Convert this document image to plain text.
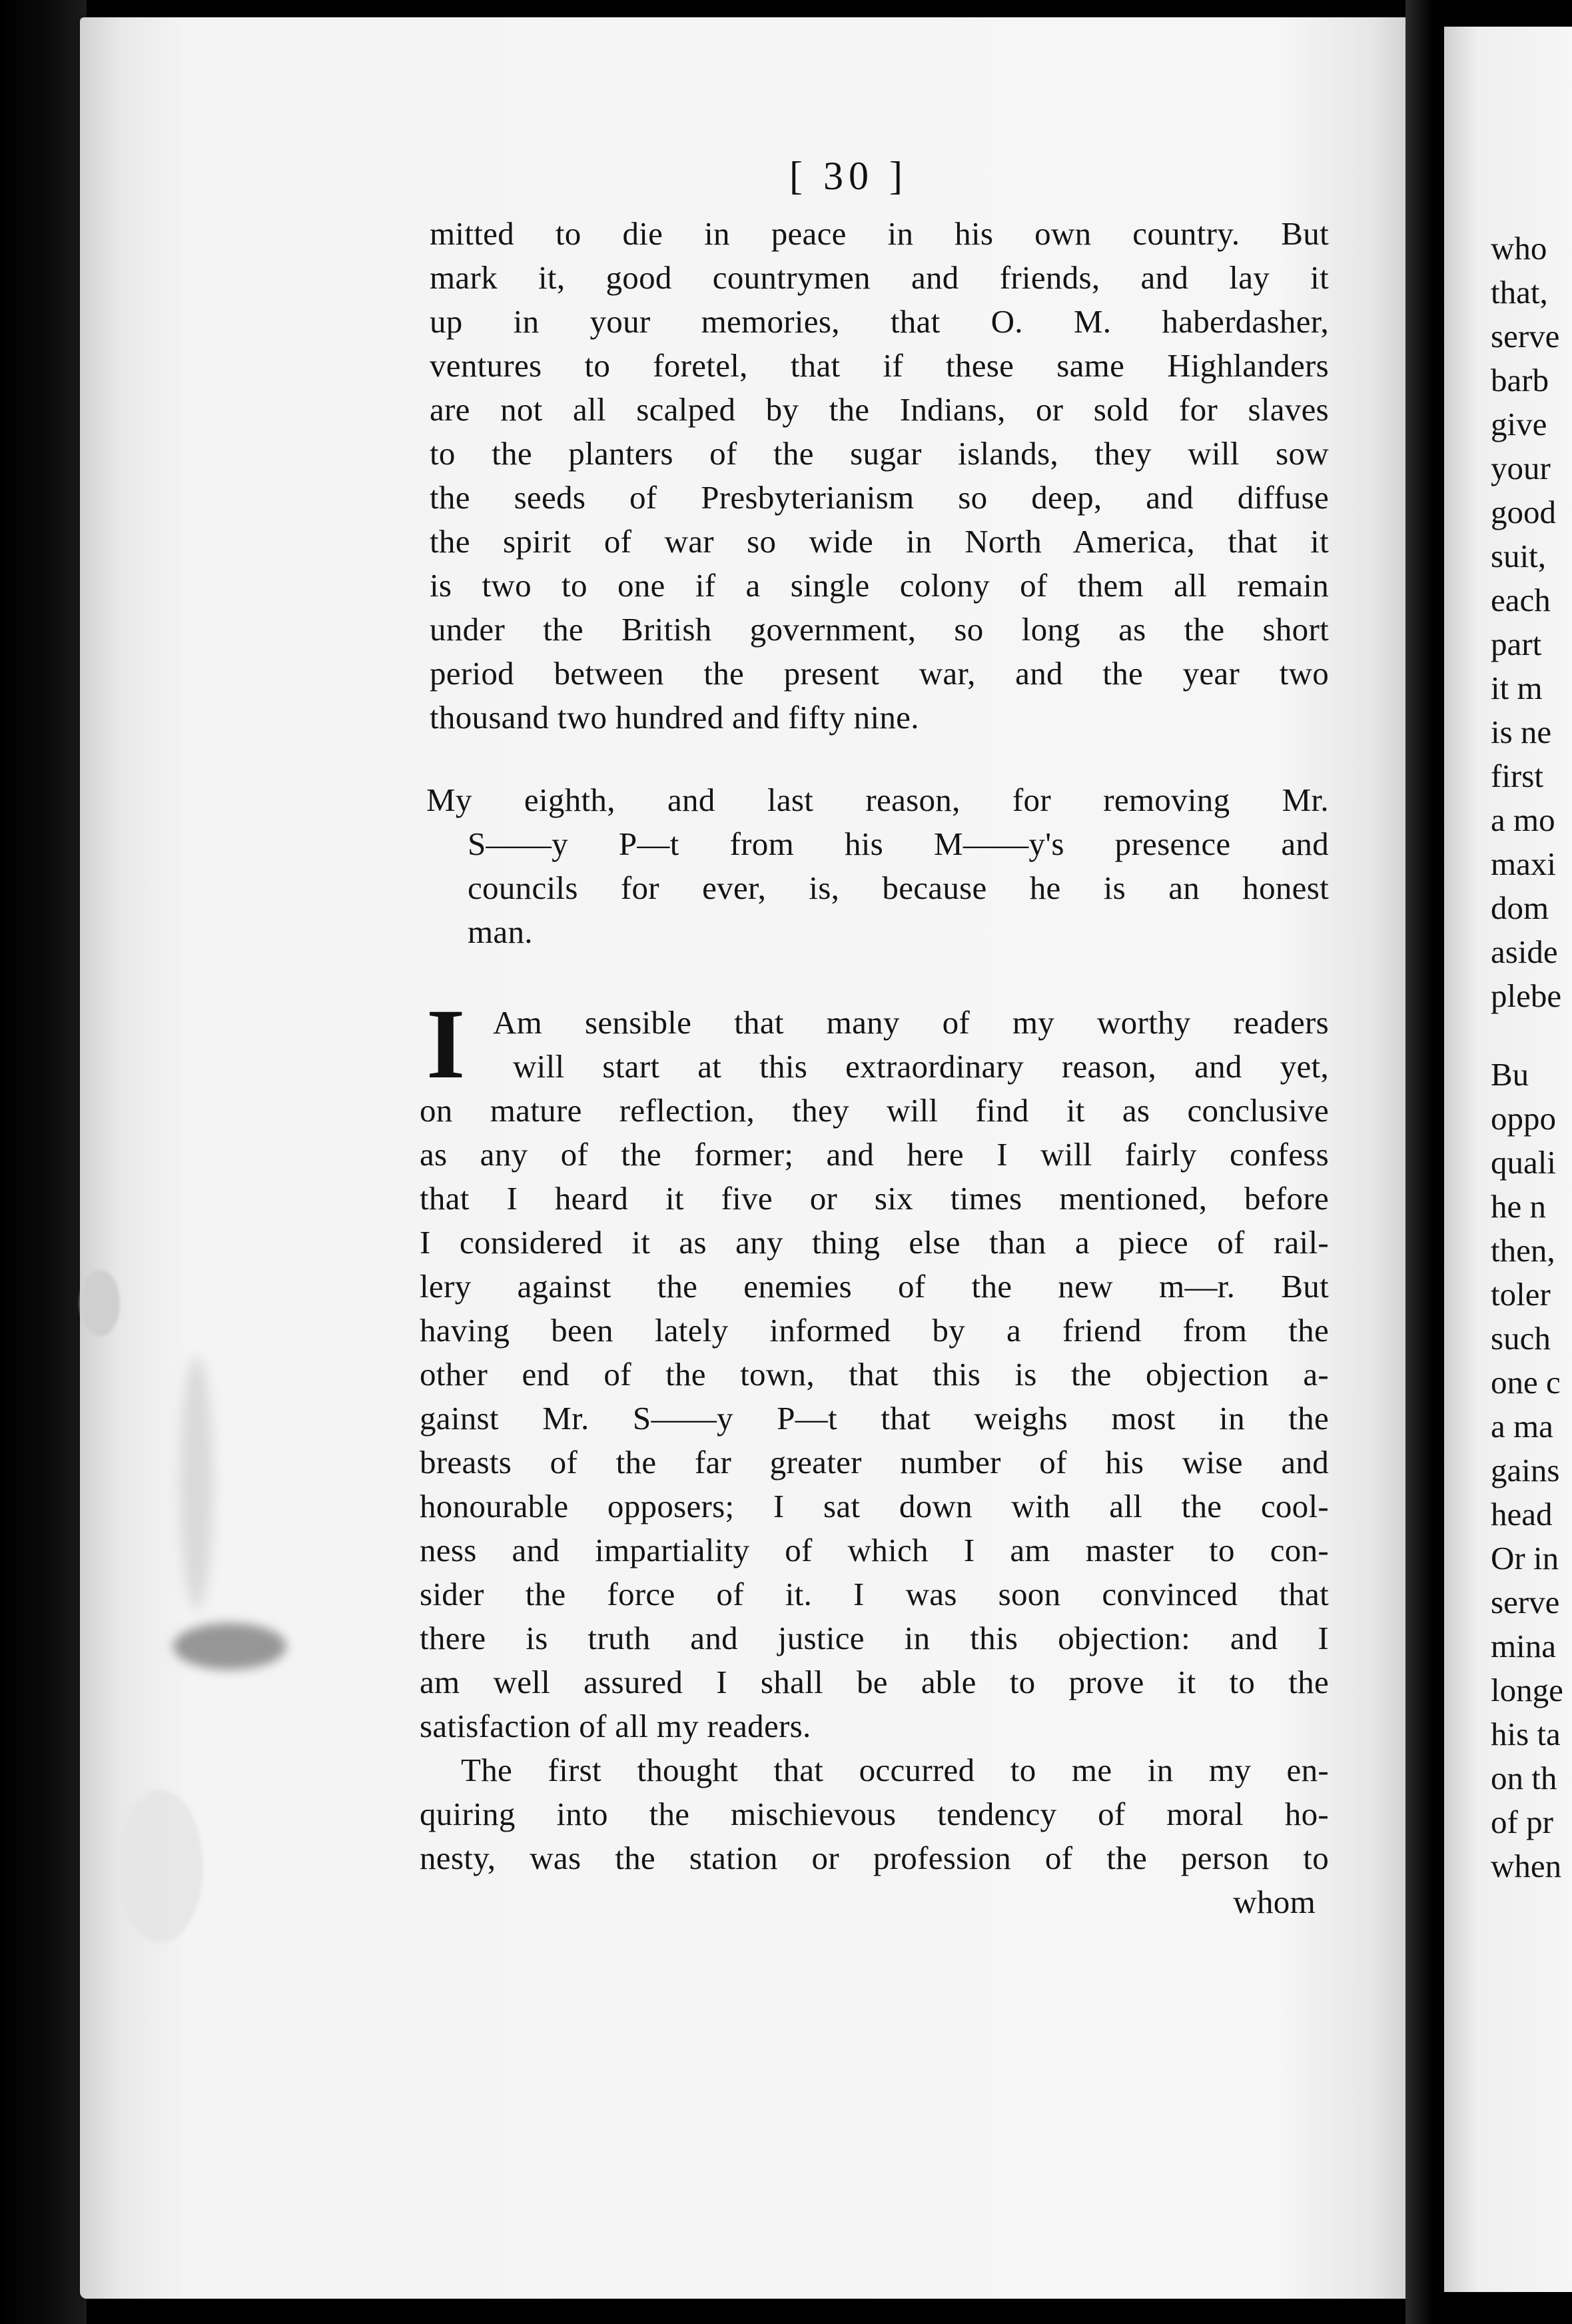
[ 30 ]
mitted to die in peace in his own country. But
mark it, good countrymen and friends, and lay it
up in your memories, that O. M. haberdasher,
ventures to foretel, that if these same Highlanders
are not all scalped by the Indians, or sold for slaves
to the planters of the sugar islands, they will sow
the seeds of Presbyterianism so deep, and diffuse
the spirit of war so wide in North America, that it
is two to one if a single colony of them all remain
under the British government, so long as the short
period between the present war, and the year two
thousand two hundred and fifty nine.
My eighth, and last reason, for removing Mr.
S——y P—t from his M——y's presence and
councils for ever, is, because he is an honest
man.
I Am sensible that many of my worthy readers
will start at this extraordinary reason, and yet,
on mature reflection, they will find it as conclusive
as any of the former; and here I will fairly confess
that I heard it five or six times mentioned, before
I considered it as any thing else than a piece of rail-
lery against the enemies of the new m—r. But
having been lately informed by a friend from the
other end of the town, that this is the objection a-
gainst Mr. S——y P—t that weighs most in the
breasts of the far greater number of his wise and
honourable opposers; I sat down with all the cool-
ness and impartiality of which I am master to con-
sider the force of it. I was soon convinced that
there is truth and justice in this objection: and I
am well assured I shall be able to prove it to the
satisfaction of all my readers.
The first thought that occurred to me in my en-
quiring into the mischievous tendency of moral ho-
nesty, was the station or profession of the person to
whom
who
that,
serve
barb
give
your
good
suit,
each
part
it m
is ne
first
a mo
maxi
dom
aside
plebe
Bu
oppo
quali
he n
then,
toler
such
one c
a ma
gains
head
Or in
serve
mina
longe
his ta
on th
of pr
when
